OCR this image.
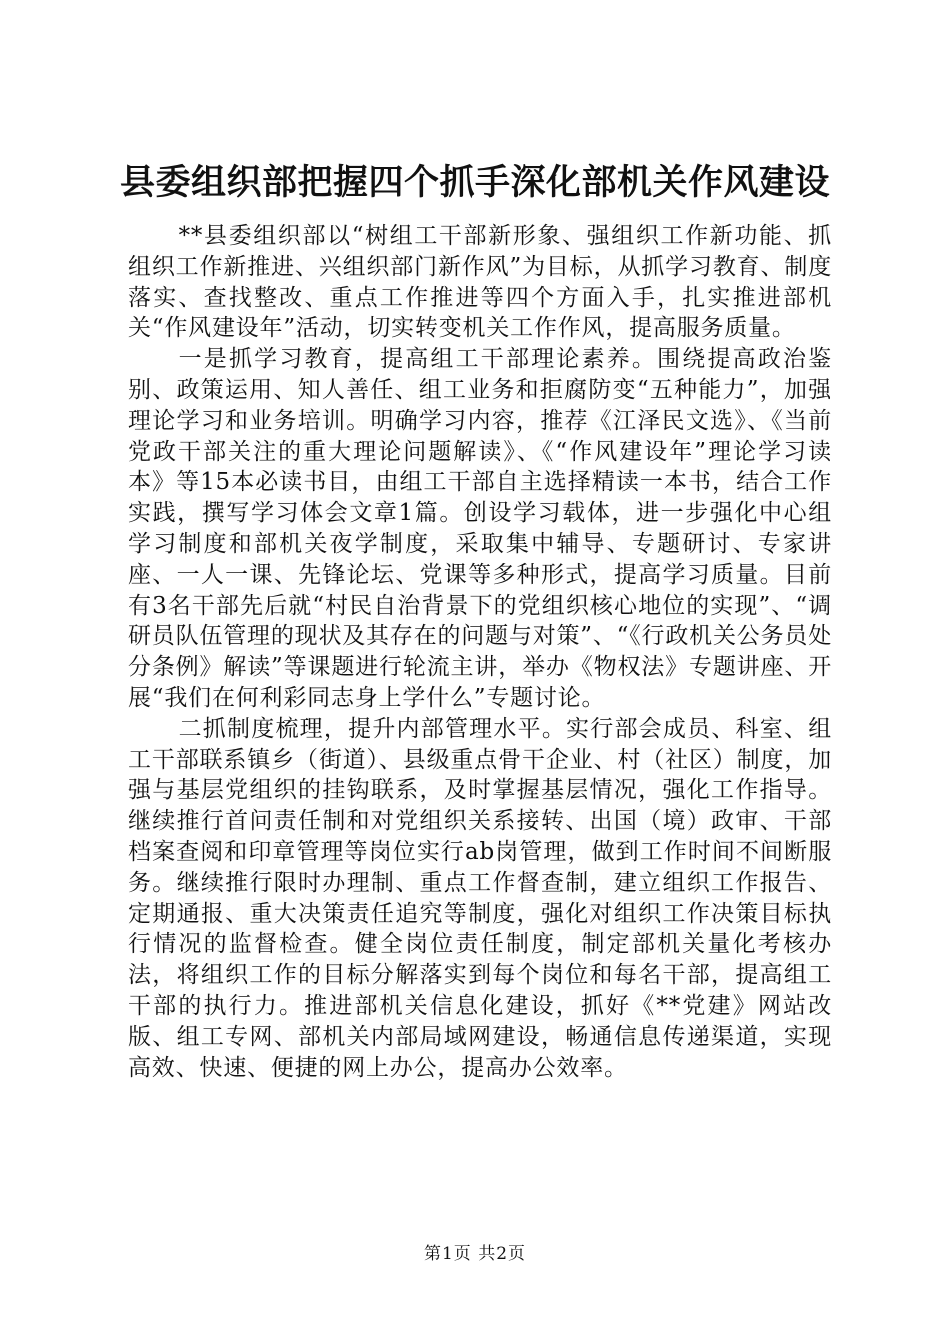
县委组织部把握四个抓手深化部机关作风建设

**县委组织部以“树组工干部新形象、强组织工作新功能、抓组织工作新推进、兴组织部门新作风”为目标，从抓学习教育、制度落实、查找整改、重点工作推进等四个方面入手，扎实推进部机关“作风建设年”活动，切实转变机关工作作风，提高服务质量。

一是抓学习教育，提高组工干部理论素养。围绕提高政治鉴别、政策运用、知人善任、组工业务和拒腐防变“五种能力”，加强理论学习和业务培训。明确学习内容，推荐《江泽民文选》、《当前党政干部关注的重大理论问题解读》、《“作风建设年”理论学习读本》等15本必读书目，由组工干部自主选择精读一本书，结合工作实践，撰写学习体会文章1篇。创设学习载体，进一步强化中心组学习制度和部机关夜学制度，采取集中辅导、专题研讨、专家讲座、一人一课、先锋论坛、党课等多种形式，提高学习质量。目前有3名干部先后就“村民自治背景下的党组织核心地位的实现”、“调研员队伍管理的现状及其存在的问题与对策”、“《行政机关公务员处分条例》解读”等课题进行轮流主讲，举办《物权法》专题讲座、开展“我们在何利彩同志身上学什么”专题讨论。

二抓制度梳理，提升内部管理水平。实行部会成员、科室、组工干部联系镇乡（街道）、县级重点骨干企业、村（社区）制度，加强与基层党组织的挂钩联系，及时掌握基层情况，强化工作指导。继续推行首问责任制和对党组织关系接转、出国（境）政审、干部档案查阅和印章管理等岗位实行ab岗管理，做到工作时间不间断服务。继续推行限时办理制、重点工作督查制，建立组织工作报告、定期通报、重大决策责任追究等制度，强化对组织工作决策目标执行情况的监督检查。健全岗位责任制度，制定部机关量化考核办法，将组织工作的目标分解落实到每个岗位和每名干部，提高组工干部的执行力。推进部机关信息化建设，抓好《**党建》网站改版、组工专网、部机关内部局域网建设，畅通信息传递渠道，实现高效、快速、便捷的网上办公，提高办公效率。

第1页 共2页
